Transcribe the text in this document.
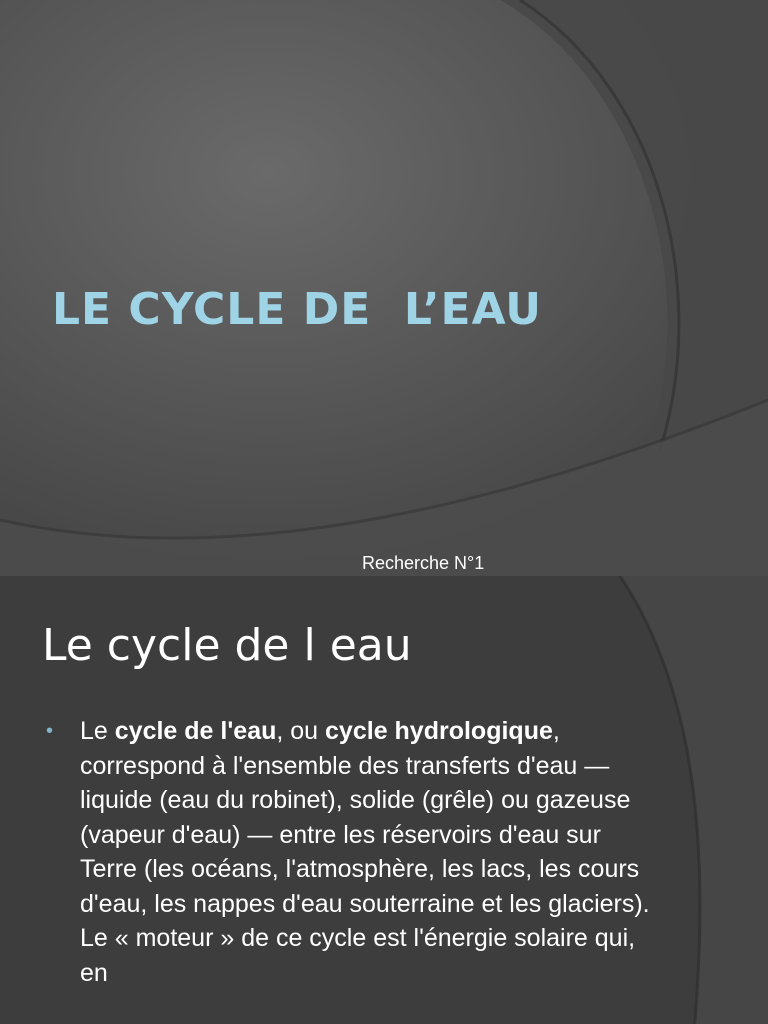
LE CYCLE DE  L’EAU

Recherche N°1

Le cycle de l eau
• Le cycle de l'eau, ou cycle hydrologique, correspond à l'ensemble des transferts d'eau — liquide (eau du robinet), solide (grêle) ou gazeuse (vapeur d'eau) — entre les réservoirs d'eau sur Terre (les océans, l'atmosphère, les lacs, les cours d'eau, les nappes d'eau souterraine et les glaciers). Le « moteur » de ce cycle est l'énergie solaire qui, en
